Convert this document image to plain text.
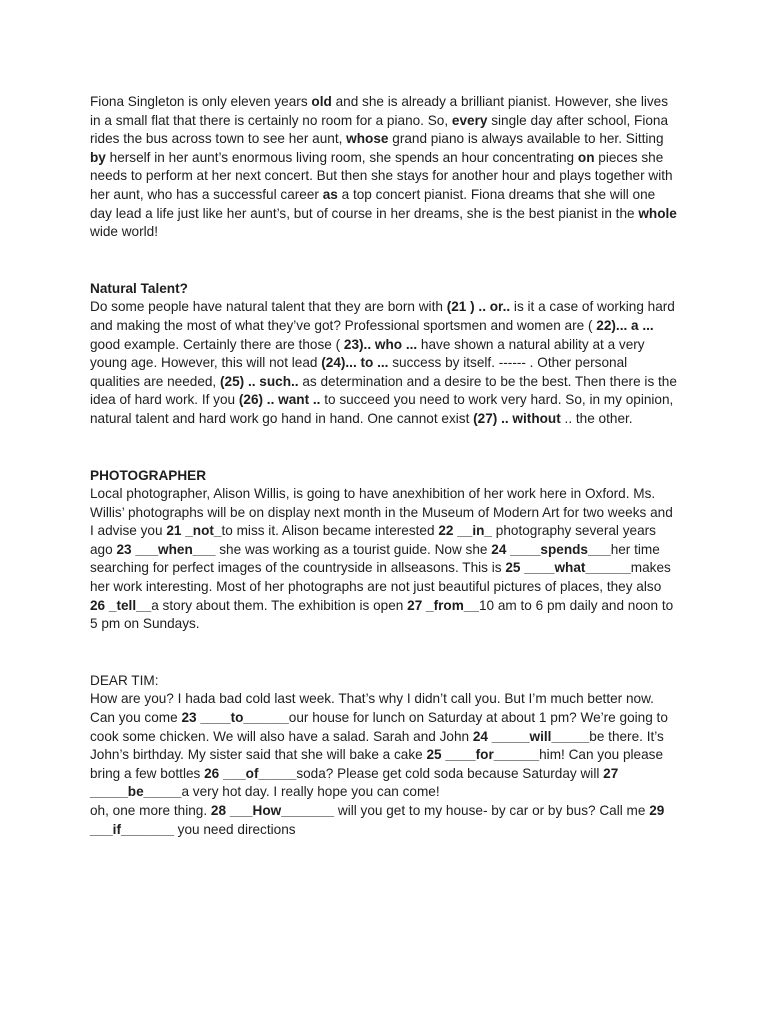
Fiona Singleton is only eleven years old and she is already a brilliant pianist. However, she lives in a small flat that there is certainly no room for a piano. So, every single day after school, Fiona rides the bus across town to see her aunt, whose grand piano is always available to her. Sitting by herself in her aunt’s enormous living room, she spends an hour concentrating on pieces she needs to perform at her next concert. But then she stays for another hour and plays together with her aunt, who has a successful career as a top concert pianist. Fiona dreams that she will one day lead a life just like her aunt’s, but of course in her dreams, she is the best pianist in the whole wide world!

Natural Talent?

Do some people have natural talent that they are born with (21 ) .. or.. is it a case of working hard and making the most of what they’ve got? Professional sportsmen and women are ( 22)... a ... good example. Certainly there are those ( 23).. who ... have shown a natural ability at a very young age. However, this will not lead (24)... to ... success by itself. ------ . Other personal qualities are needed, (25) .. such.. as determination and a desire to be the best. Then there is the idea of hard work. If you (26) .. want .. to succeed you need to work very hard. So, in my opinion, natural talent and hard work go hand in hand. One cannot exist (27) .. without .. the other.

PHOTOGRAPHER

Local photographer, Alison Willis, is going to have anexhibition of her work here in Oxford. Ms. Willis’ photographs will be on display next month in the Museum of Modern Art for two weeks and I advise you 21 _not_to miss it. Alison became interested 22 __in_ photography several years ago 23 ___when___ she was working as a tourist guide. Now she 24 ____spends___her time searching for perfect images of the countryside in allseasons. This is 25 ____what______makes her work interesting. Most of her photographs are not just beautiful pictures of places, they also 26 _tell__a story about them. The exhibition is open 27 _from__10 am to 6 pm daily and noon to 5 pm on Sundays.

DEAR TIM:
How are you? I hada bad cold last week. That’s why I didn’t call you. But I’m much better now. Can you come 23 ____to______our house for lunch on Saturday at about 1 pm? We’re going to cook some chicken. We will also have a salad. Sarah and John 24 _____will_____be there. It’s John’s birthday. My sister said that she will bake a cake 25 ____for______him! Can you please bring a few bottles 26 ___of_____soda? Please get cold soda because Saturday will 27 _____be_____a very hot day. I really hope you can come!
oh, one more thing. 28 ___How_______ will you get to my house- by car or by bus? Call me 29 ___if_______ you need directions
